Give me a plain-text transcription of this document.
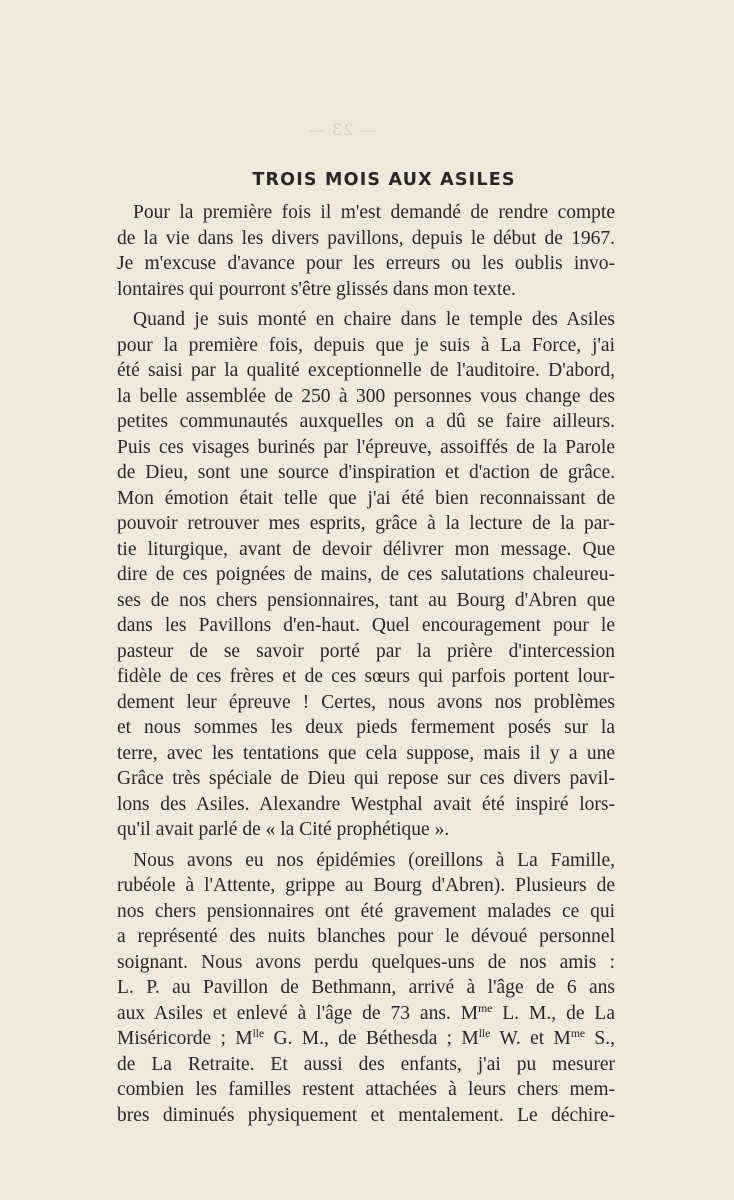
— 23 —
TROIS MOIS AUX ASILES
Pour la première fois il m'est demandé de rendre compte
de la vie dans les divers pavillons, depuis le début de 1967.
Je m'excuse d'avance pour les erreurs ou les oublis invo-
lontaires qui pourront s'être glissés dans mon texte.
Quand je suis monté en chaire dans le temple des Asiles
pour la première fois, depuis que je suis à La Force, j'ai
été saisi par la qualité exceptionnelle de l'auditoire. D'abord,
la belle assemblée de 250 à 300 personnes vous change des
petites communautés auxquelles on a dû se faire ailleurs.
Puis ces visages burinés par l'épreuve, assoiffés de la Parole
de Dieu, sont une source d'inspiration et d'action de grâce.
Mon émotion était telle que j'ai été bien reconnaissant de
pouvoir retrouver mes esprits, grâce à la lecture de la par-
tie liturgique, avant de devoir délivrer mon message. Que
dire de ces poignées de mains, de ces salutations chaleureu-
ses de nos chers pensionnaires, tant au Bourg d'Abren que
dans les Pavillons d'en-haut. Quel encouragement pour le
pasteur de se savoir porté par la prière d'intercession
fidèle de ces frères et de ces sœurs qui parfois portent lour-
dement leur épreuve ! Certes, nous avons nos problèmes
et nous sommes les deux pieds fermement posés sur la
terre, avec les tentations que cela suppose, mais il y a une
Grâce très spéciale de Dieu qui repose sur ces divers pavil-
lons des Asiles. Alexandre Westphal avait été inspiré lors-
qu'il avait parlé de « la Cité prophétique ».
Nous avons eu nos épidémies (oreillons à La Famille,
rubéole à l'Attente, grippe au Bourg d'Abren). Plusieurs de
nos chers pensionnaires ont été gravement malades ce qui
a représenté des nuits blanches pour le dévoué personnel
soignant. Nous avons perdu quelques-uns de nos amis :
L. P. au Pavillon de Bethmann, arrivé à l'âge de 6 ans
aux Asiles et enlevé à l'âge de 73 ans. $M^{me}$ L. M., de La
Miséricorde ; $M^{lle}$ G. M., de Béthesda ; $M^{lle}$ W. et $M^{me}$ S.,
de La Retraite. Et aussi des enfants, j'ai pu mesurer
combien les familles restent attachées à leurs chers mem-
bres diminués physiquement et mentalement. Le déchire-
